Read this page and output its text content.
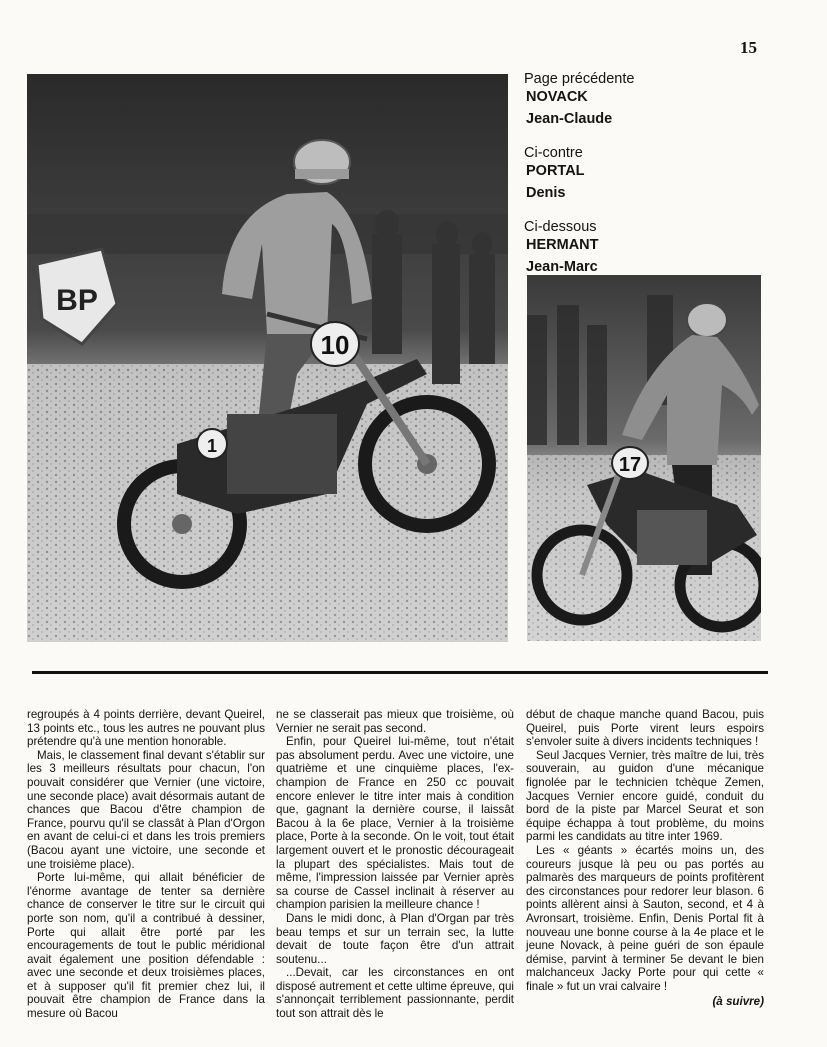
15
BP
10
1
Page précédente
NOVACK
Jean-Claude
Ci-contre
PORTAL
Denis
Ci-dessous
HERMANT
Jean-Marc
17

regroupés à 4 points derrière, devant Queirel, 13 points etc., tous les autres ne pouvant plus prétendre qu'à une mention honorable.

Mais, le classement final devant s'établir sur les 3 meilleurs résultats pour chacun, l'on pouvait considérer que Vernier (une victoire, une seconde place) avait désormais autant de chances que Bacou d'être champion de France, pourvu qu'il se classât à Plan d'Orgon en avant de celui-ci et dans les trois premiers (Bacou ayant une victoire, une seconde et une troisième place).

Porte lui-même, qui allait bénéficier de l'énorme avantage de tenter sa dernière chance de conserver le titre sur le circuit qui porte son nom, qu'il a contribué à dessiner, Porte qui allait être porté par les encouragements de tout le public méridional avait également une position défendable : avec une seconde et deux troisièmes places, et à supposer qu'il fit premier chez lui, il pouvait être champion de France dans la mesure où Bacou

ne se classerait pas mieux que troisième, où Vernier ne serait pas second.

Enfin, pour Queirel lui-même, tout n'était pas absolument perdu. Avec une victoire, une quatrième et une cinquième places, l'ex-champion de France en 250 cc pouvait encore enlever le titre inter mais à condition que, gagnant la dernière course, il laissât Bacou à la 6e place, Vernier à la troisième place, Porte à la seconde. On le voit, tout était largement ouvert et le pronostic décourageait la plupart des spécialistes. Mais tout de même, l'impression laissée par Vernier après sa course de Cassel inclinait à réserver au champion parisien la meilleure chance !

Dans le midi donc, à Plan d'Organ par très beau temps et sur un terrain sec, la lutte devait de toute façon être d'un attrait soutenu...

...Devait, car les circonstances en ont disposé autrement et cette ultime épreuve, qui s'annonçait terriblement passionnante, perdit tout son attrait dès le

début de chaque manche quand Bacou, puis Queirel, puis Porte virent leurs espoirs s'envoler suite à divers incidents techniques !

Seul Jacques Vernier, très maître de lui, très souverain, au guidon d'une mécanique fignolée par le technicien tchèque Zemen, Jacques Vernier encore guidé, conduit du bord de la piste par Marcel Seurat et son équipe échappa à tout problème, du moins parmi les candidats au titre inter 1969.

Les « géants » écartés moins un, des coureurs jusque là peu ou pas portés au palmarès des marqueurs de points profitèrent des circonstances pour redorer leur blason. 6 points allèrent ainsi à Sauton, second, et 4 à Avronsart, troisième. Enfin, Denis Portal fit à nouveau une bonne course à la 4e place et le jeune Novack, à peine guéri de son épaule démise, parvint à terminer 5e devant le bien malchanceux Jacky Porte pour qui cette « finale » fut un vrai calvaire !

(à suivre)
